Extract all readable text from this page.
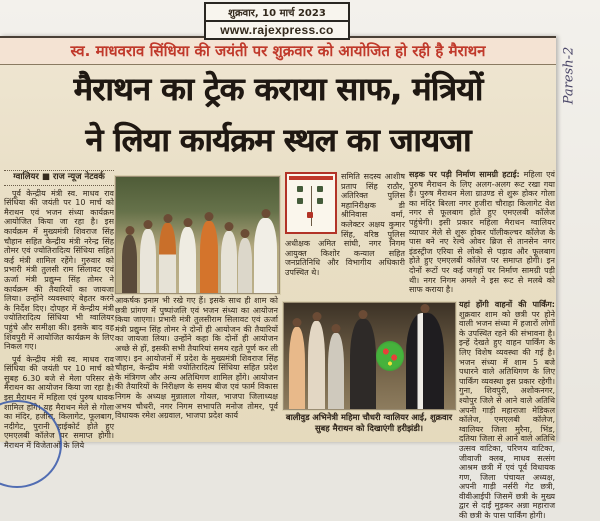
शुक्रवार, 10 मार्च 2023
www.rajexpress.co
Paresh-2
स्व. माधवराव सिंधिया की जयंती पर शुक्रवार को आयोजित हो रही है मैराथन
मैराथन का ट्रेक कराया साफ, मंत्रियों
ने लिया कार्यक्रम स्थल का जायजा
ग्वालियर ■ राज न्यूज नेटवर्क

पूर्व केन्द्रीय मंत्री स्व. माधव राव सिंधिया की जयंती पर 10 मार्च को मैराथन एवं भजन संध्या कार्यक्रम आयोजित किया जा रहा है। इस कार्यक्रम में मुख्यमंत्री शिवराज सिंह चौहान सहित केन्द्रीय मंत्री नरेन्द्र सिंह तोमर एवं ज्योतिरादित्य सिंधिया सहित कई मंत्री शामिल रहेंगे। गुरुवार को प्रभारी मंत्री तुलसी राम सिलावट एवं ऊर्जा मंत्री प्रद्युम्न सिंह तोमर ने कार्यक्रम की तैयारियों का जायजा लिया। उन्होंने व्यवस्थाएं बेहतर करने के निर्देश दिए। दोपहर में केन्द्रीय मंत्री ज्योतिरादित्य सिंधिया भी ग्वालियर पहुंचे और समीक्षा की। इसके बाद वह शिवपुरी में आयोजित कार्यक्रम के लिए निकल गए।

पूर्व केन्द्रीय मंत्री स्व. माधव राव सिंधिया की जयंती पर 10 मार्च को सुबह 6.30 बजे से मेला परिसर से मैराथन का आयोजन किया जा रहा है। इस मैराथन में महिला एवं पुरुष धावक शामिल होंगे। यह मैराथन मेले से गोला का मंदिर, हजीरा, किलागेट, फूलबाग, नदीगेट, पुरानी हाईकोर्ट होते हुए एमएलबी कॉलेज पर समाप्त होगी। मैराथन में विजेताओं के लिये

आकर्षक इनाम भी रखे गए हैं। इसके साथ ही शाम को छत्री प्रांगण में पुष्पांजलि एवं भजन संध्या का आयोजन किया जाएगा। प्रभारी मंत्री तुलसीराम सिलावट एवं ऊर्जा मंत्री प्रद्युम्न सिंह तोमर ने दोनों ही आयोजन की तैयारियों का जायजा लिया। उन्होंने कहा कि दोनों ही आयोजन अच्छे से हों, इसकी सभी तैयारियां समय रहते पूर्ण कर ली जाए। इन आयोजनों में प्रदेश के मुख्यमंत्री शिवराज सिंह चौहान, केन्द्रीय मंत्री ज्योतिरादित्य सिंधिया सहित प्रदेश के मंत्रिगण और अन्य अतिथिगण शामिल होंगे। आयोजन की तैयारियों के निरीक्षण के समय बीज एवं फार्म विकास निगम के अध्यक्ष मुन्नालाल गोयल, भाजपा जिलाध्यक्ष अभय चौधरी, नगर निगम सभापति मनोज तोमर, पूर्व विधायक रमेश अग्रवाल, भाजपा प्रदेश कार्य

समिति सदस्य आशीष प्रताप सिंह राठौर, अतिरिक्त पुलिस महानिरीक्षक डी श्रीनिवास वर्मा, कलेक्टर अक्षय कुमार सिंह, वरिष्ठ पुलिस अधीक्षक अमित सांघी, नगर निगम आयुक्त किशोर कन्याल सहित जनप्रतिनिधि और विभागीय अधिकारी उपस्थित थे।

सड़क पर पड़ी निर्माण सामग्री हटाई: महिला एवं पुरुष मैराथन के लिए अलग-अलग रूट रखा गया है। पुरुष मैराथन मेला ग्राउण्ड से शुरू होकर गोला का मंदिर बिरला नगर हजीरा चौराहा किलागेट वेश नगर से फूलबाग होते हुए एमएलबी कॉलेज पहुंचेगी। इसी प्रकार महिला मैराथन ग्वालियर व्यापार मेले से शुरू होकर पॉलीकल्चर कॉलेज के पास बने नए रेल्वे ओवर ब्रिज से तानसेन नगर इंडस्ट्रीज एरिया से लोको से पड़ाव और फूलबाग होते हुए एमएलबी कॉलेज पर समाप्त होगी। इन दोनों रूटों पर कई जगहों पर निर्माण सामग्री पड़ी थी। नगर निगम अमले ने इस रूट से मलबे को साफ कराया है।
यहां होंगी वाहनों की पार्किंग: शुक्रवार शाम को छत्री पर होने वाली भजन संध्या में हजारों लोगों के उपस्थित रहने की संभावना है। इन्हें देखते हुए वाहन पार्किंग के लिए विशेष व्यवस्था की गई है। भजन संध्या में शाम 5 बजे पधारने वाले अतिथिगण के लिए पार्किंग व्यवस्था इस प्रकार रहेगी। गुना, शिवपुरी, अशोकनगर, श्योपुर जिले से आने वाले अतिथि अपनी गाड़ी महाराजा मेडिकल कॉलेज, एमएलबी कॉलेज, ग्वालियर जिला मुरैना, भिंड, दतिया जिला से आने वाले अतिथि उत्सव वाटिका, परिणय वाटिका, जीवाजी क्लब, माधव सत्संग आश्रम छत्री में एवं पूर्व विधायक गण, जिला पंचायत अध्यक्ष, अपनी गाड़ी नर्सरी गेट छत्री, वीवीआईपी जिसमें छत्री के मुख्य द्वार से दाईं मुड़कर अन्ना महाराज की छत्री के पास पार्किंग होगी।
बालीवुड अभिनेत्री महिमा चौधरी ग्वालियर आई, शुक्रवार सुबह मैराथन को दिखाएंगी हरीझंडी।
